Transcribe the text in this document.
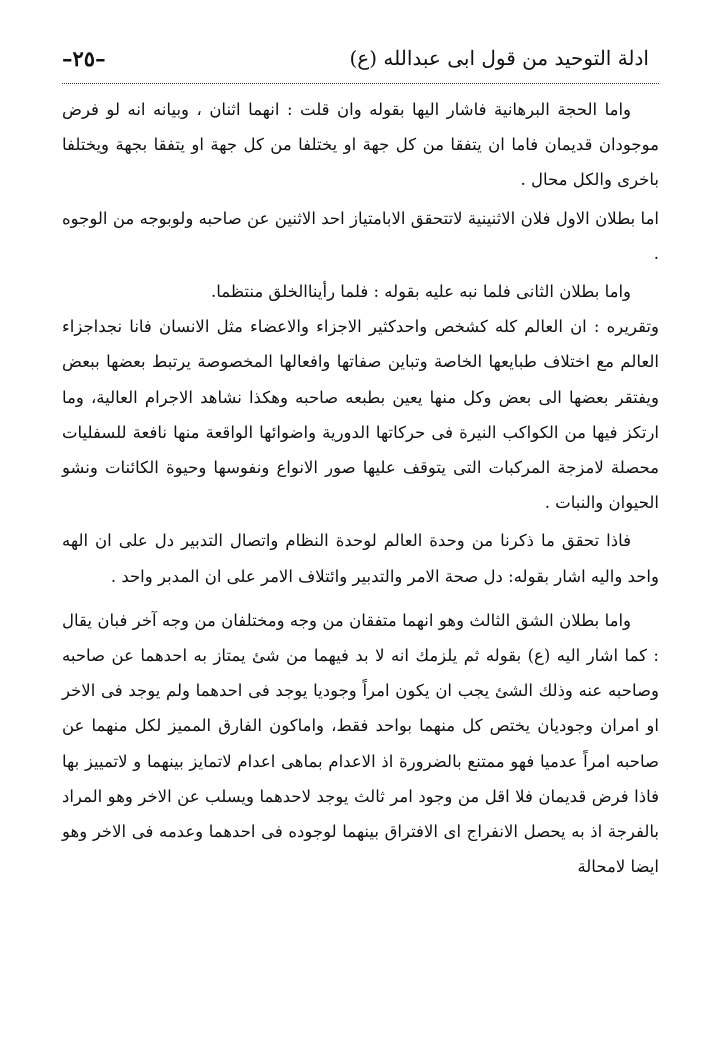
ادلة التوحيد من قول ابى عبدالله (ع)
–٢٥–

واما الحجة البرهانية فاشار اليها بقوله وان قلت : انهما اثنان ، وبيانه انه لو فرض موجودان قديمان فاما ان يتفقا من كل جهة او يختلفا من كل جهة او يتفقا بجهة ويختلفا باخرى والكل محال .

اما بطلان الاول فلان الاثنينية لاتتحقق الابامتياز احد الاثنين عن صاحبه ولوبوجه من الوجوه .

واما بطلان الثانى فلما نبه عليه بقوله : فلما رأيناالخلق منتظما.

وتقريره : ان العالم كله كشخص واحدكثير الاجزاء والاعضاء مثل الانسان فانا نجداجزاء العالم مع اختلاف طبايعها الخاصة وتباين صفاتها وافعالها المخصوصة يرتبط بعضها ببعض ويفتقر بعضها الى بعض وكل منها يعين بطبعه صاحبه وهكذا نشاهد الاجرام العالية، وما ارتكز فيها من الكواكب النيرة فى حركاتها الدورية واضوائها الواقعة منها نافعة للسفليات محصلة لامزجة المركبات التى يتوقف عليها صور الانواع ونفوسها وحيوة الكائنات ونشو الحيوان والنبات .

فاذا تحقق ما ذكرنا من وحدة العالم لوحدة النظام واتصال التدبير دل على ان الهه واحد واليه اشار بقوله: دل صحة الامر والتدبير وائتلاف الامر على ان المدبر واحد .

واما بطلان الشق الثالث وهو انهما متفقان من وجه ومختلفان من وجه آخر فبان يقال : كما اشار اليه (ع) بقوله ثم يلزمك انه لا بد فيهما من شئ يمتاز به احدهما عن صاحبه وصاحبه عنه وذلك الشئ يجب ان يكون امراً وجوديا يوجد فى احدهما ولم يوجد فى الاخر او امران وجوديان يختص كل منهما بواحد فقط، واماكون الفارق المميز لكل منهما عن صاحبه امراً عدميا فهو ممتنع بالضرورة اذ الاعدام بماهى اعدام لاتمايز بينهما و لاتمييز بها فاذا فرض قديمان فلا اقل من وجود امر ثالث يوجد لاحدهما ويسلب عن الاخر وهو المراد بالفرجة اذ به يحصل الانفراج اى الافتراق بينهما لوجوده فى احدهما وعدمه فى الاخر وهو ايضا لامحالة
